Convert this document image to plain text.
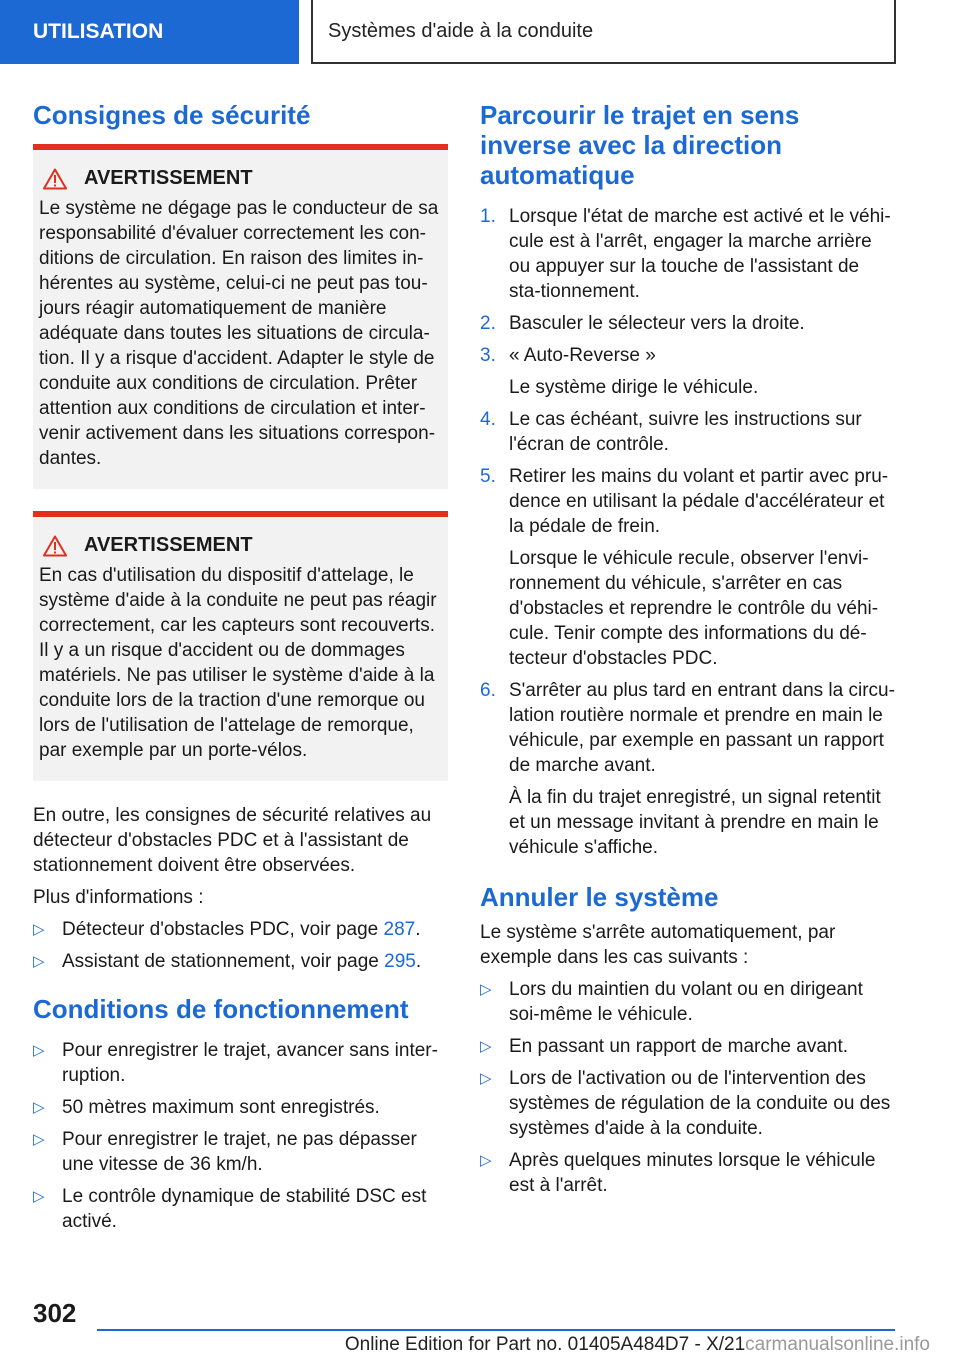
UTILISATION	Systèmes d'aide à la conduite
Consignes de sécurité
AVERTISSEMENT
Le système ne dégage pas le conducteur de sa responsabilité d'évaluer correctement les con-ditions de circulation. En raison des limites in-hérentes au système, celui-ci ne peut pas tou-jours réagir automatiquement de manière adéquate dans toutes les situations de circula-tion. Il y a risque d'accident. Adapter le style de conduite aux conditions de circulation. Prêter attention aux conditions de circulation et inter-venir activement dans les situations correspon-dantes.
AVERTISSEMENT
En cas d'utilisation du dispositif d'attelage, le système d'aide à la conduite ne peut pas réagir correctement, car les capteurs sont recouverts. Il y a un risque d'accident ou de dommages matériels. Ne pas utiliser le système d'aide à la conduite lors de la traction d'une remorque ou lors de l'utilisation de l'attelage de remorque, par exemple par un porte-vélos.

En outre, les consignes de sécurité relatives au détecteur d'obstacles PDC et à l'assistant de stationnement doivent être observées.

Plus d'informations :

▷ Détecteur d'obstacles PDC, voir page 287.
▷ Assistant de stationnement, voir page 295.
Conditions de fonctionnement
▷ Pour enregistrer le trajet, avancer sans inter-ruption.
▷ 50 mètres maximum sont enregistrés.
▷ Pour enregistrer le trajet, ne pas dépasser une vitesse de 36 km/h.
▷ Le contrôle dynamique de stabilité DSC est activé.
Parcourir le trajet en sens inverse avec la direction automatique
1. Lorsque l'état de marche est activé et le véhi-cule est à l'arrêt, engager la marche arrière ou appuyer sur la touche de l'assistant de sta-tionnement.
2. Basculer le sélecteur vers la droite.
3. « Auto-Reverse »

Le système dirige le véhicule.

4. Le cas échéant, suivre les instructions sur l'écran de contrôle.
5. Retirer les mains du volant et partir avec pru-dence en utilisant la pédale d'accélérateur et la pédale de frein.

Lorsque le véhicule recule, observer l'envi-ronnement du véhicule, s'arrêter en cas d'obstacles et reprendre le contrôle du véhi-cule. Tenir compte des informations du dé-tecteur d'obstacles PDC.

6. S'arrêter au plus tard en entrant dans la circu-lation routière normale et prendre en main le véhicule, par exemple en passant un rapport de marche avant.

À la fin du trajet enregistré, un signal retentit et un message invitant à prendre en main le véhicule s'affiche.

Annuler le système

Le système s'arrête automatiquement, par exemple dans les cas suivants :

▷ Lors du maintien du volant ou en dirigeant soi-même le véhicule.
▷ En passant un rapport de marche avant.
▷ Lors de l'activation ou de l'intervention des systèmes de régulation de la conduite ou des systèmes d'aide à la conduite.
▷ Après quelques minutes lorsque le véhicule est à l'arrêt.
302
Online Edition for Part no. 01405A484D7 - X/21carmanualsonline.info
